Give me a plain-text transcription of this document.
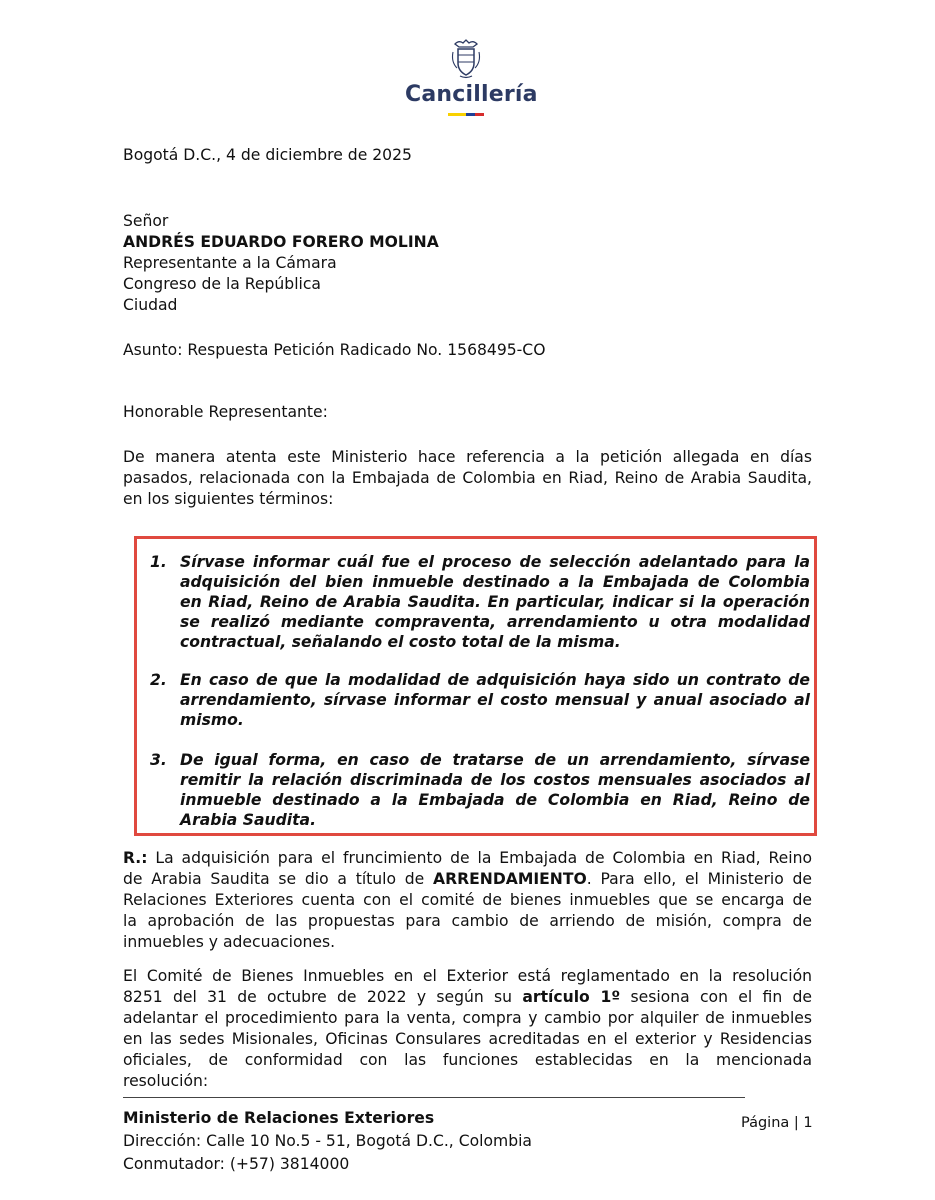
Cancillería
Bogotá D.C., 4 de diciembre de 2025
Señor
ANDRÉS EDUARDO FORERO MOLINA
Representante a la Cámara
Congreso de la República
Ciudad
Asunto: Respuesta Petición Radicado No. 1568495-CO
Honorable Representante:
De manera atenta este Ministerio hace referencia a la petición allegada en días
pasados, relacionada con la Embajada de Colombia en Riad, Reino de Arabia Saudita,
en los siguientes términos:
1. Sírvase informar cuál fue el proceso de selección adelantado para la
adquisición del bien inmueble destinado a la Embajada de Colombia
en Riad, Reino de Arabia Saudita. En particular, indicar si la operación
se realizó mediante compraventa, arrendamiento u otra modalidad
contractual, señalando el costo total de la misma.
2. En caso de que la modalidad de adquisición haya sido un contrato de
arrendamiento, sírvase informar el costo mensual y anual asociado al
mismo.
3. De igual forma, en caso de tratarse de un arrendamiento, sírvase
remitir la relación discriminada de los costos mensuales asociados al
inmueble destinado a la Embajada de Colombia en Riad, Reino de
Arabia Saudita.
R.: La adquisición para el fruncimiento de la Embajada de Colombia en Riad, Reino
de Arabia Saudita se dio a título de ARRENDAMIENTO. Para ello, el Ministerio de
Relaciones Exteriores cuenta con el comité de bienes inmuebles que se encarga de
la aprobación de las propuestas para cambio de arriendo de misión, compra de
inmuebles y adecuaciones.
El Comité de Bienes Inmuebles en el Exterior está reglamentado en la resolución
8251 del 31 de octubre de 2022 y según su artículo 1º sesiona con el fin de
adelantar el procedimiento para la venta, compra y cambio por alquiler de inmuebles
en las sedes Misionales, Oficinas Consulares acreditadas en el exterior y Residencias
oficiales, de conformidad con las funciones establecidas en la mencionada
resolución:
Ministerio de Relaciones Exteriores
Dirección: Calle 10 No.5 - 51, Bogotá D.C., Colombia
Conmutador: (+57) 3814000
Página | 1
